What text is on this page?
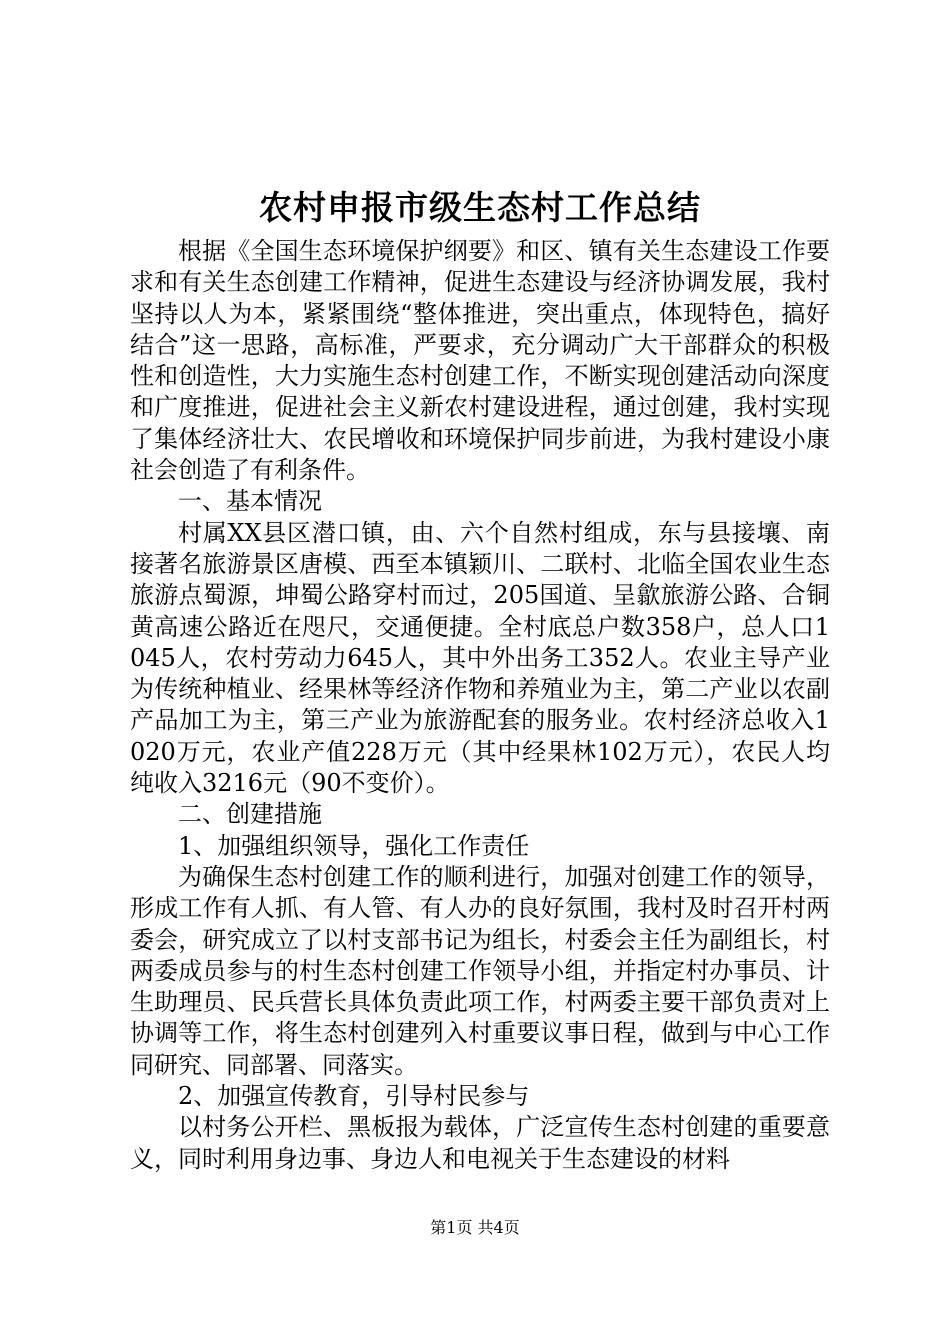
农村申报市级生态村工作总结

根据《全国生态环境保护纲要》和区、镇有关生态建设工作要求和有关生态创建工作精神，促进生态建设与经济协调发展，我村坚持以人为本，紧紧围绕“整体推进，突出重点，体现特色，搞好结合”这一思路，高标准，严要求，充分调动广大干部群众的积极性和创造性，大力实施生态村创建工作，不断实现创建活动向深度和广度推进，促进社会主义新农村建设进程，通过创建，我村实现了集体经济壮大、农民增收和环境保护同步前进，为我村建设小康社会创造了有利条件。

一、基本情况

村属XX县区潜口镇，由、六个自然村组成，东与县接壤、南接著名旅游景区唐模、西至本镇颖川、二联村、北临全国农业生态旅游点蜀源，坤蜀公路穿村而过，205国道、呈歙旅游公路、合铜黄高速公路近在咫尺，交通便捷。全村底总户数358户，总人口1045人，农村劳动力645人，其中外出务工352人。农业主导产业为传统种植业、经果林等经济作物和养殖业为主，第二产业以农副产品加工为主，第三产业为旅游配套的服务业。农村经济总收入1020万元，农业产值228万元（其中经果林102万元），农民人均纯收入3216元（90不变价）。

二、创建措施

1、加强组织领导，强化工作责任

为确保生态村创建工作的顺利进行，加强对创建工作的领导，形成工作有人抓、有人管、有人办的良好氛围，我村及时召开村两委会，研究成立了以村支部书记为组长，村委会主任为副组长，村两委成员参与的村生态村创建工作领导小组，并指定村办事员、计生助理员、民兵营长具体负责此项工作，村两委主要干部负责对上协调等工作，将生态村创建列入村重要议事日程，做到与中心工作同研究、同部署、同落实。

2、加强宣传教育，引导村民参与

以村务公开栏、黑板报为载体，广泛宣传生态村创建的重要意义，同时利用身边事、身边人和电视关于生态建设的材料

第1页 共4页
